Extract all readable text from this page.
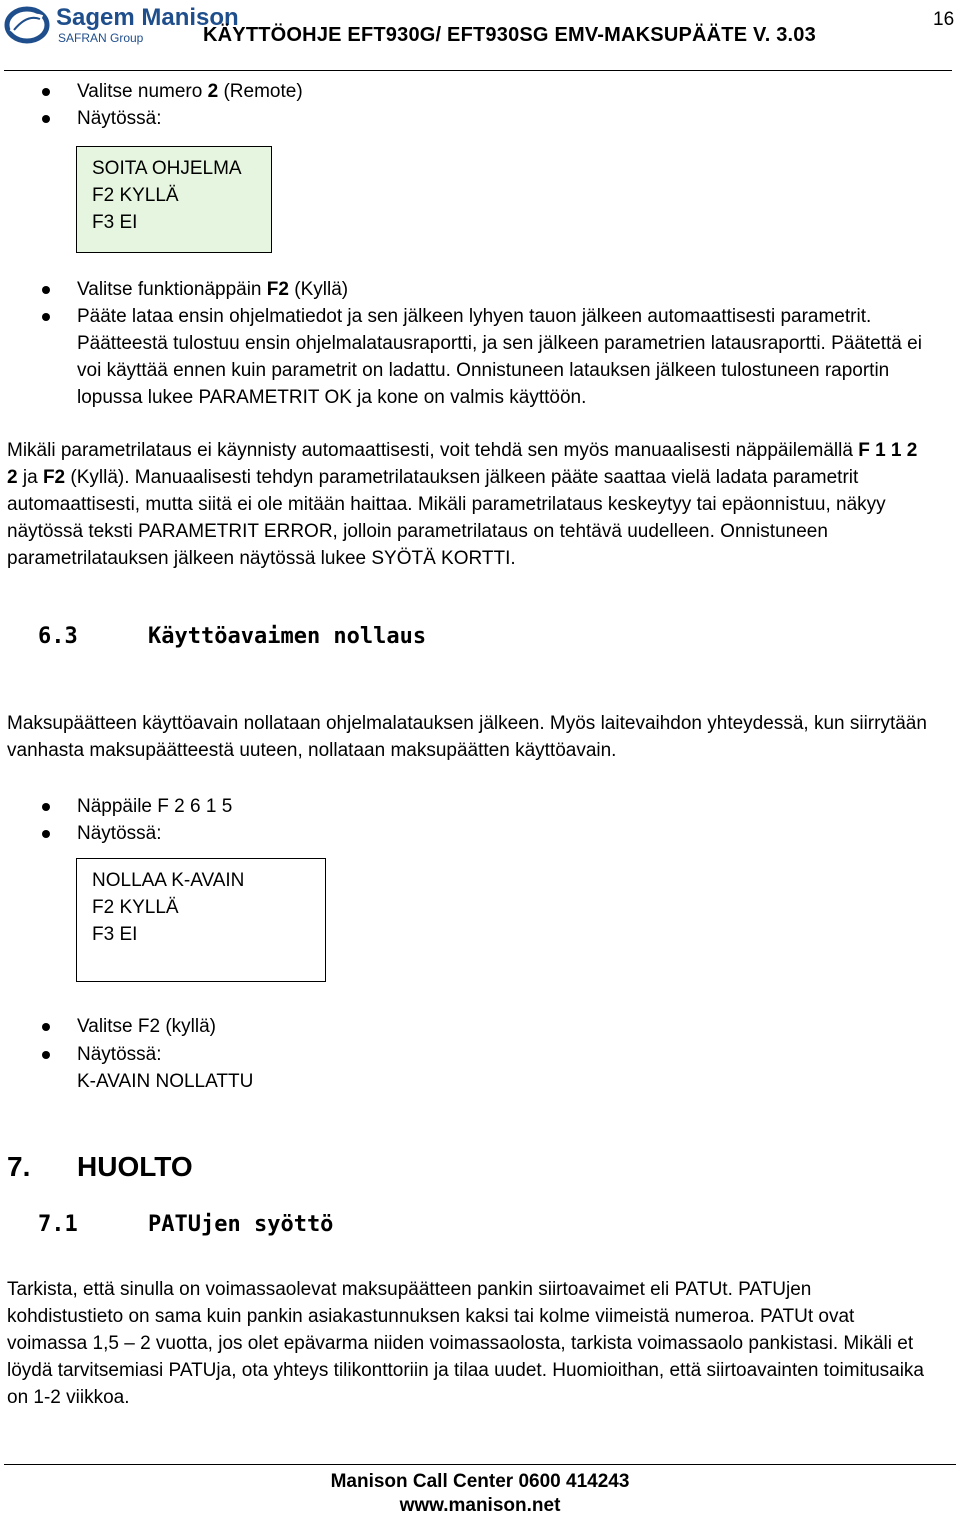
Sagem Manison
SAFRAN Group	KÄYTTÖOHJE EFT930G/ EFT930SG EMV-MAKSUPÄÄTE V. 3.03
16
Valitse numero 2 (Remote)
Näytössä:
SOITA OHJELMA
F2 KYLLÄ
F3 EI
Valitse funktionäppäin F2 (Kyllä)
Pääte lataa ensin ohjelmatiedot ja sen jälkeen lyhyen tauon jälkeen automaattisesti parametrit.
Päätteestä tulostuu ensin ohjelmalatausraportti, ja sen jälkeen parametrien latausraportti. Päätettä ei
voi käyttää ennen kuin parametrit on ladattu. Onnistuneen latauksen jälkeen tulostuneen raportin
lopussa lukee PARAMETRIT OK ja kone on valmis käyttöön.
Mikäli parametrilataus ei käynnisty automaattisesti, voit tehdä sen myös manuaalisesti näppäilemällä F 1 1 2
2 ja F2 (Kyllä). Manuaalisesti tehdyn parametrilatauksen jälkeen pääte saattaa vielä ladata parametrit
automaattisesti, mutta siitä ei ole mitään haittaa. Mikäli parametrilataus keskeytyy tai epäonnistuu, näkyy
näytössä teksti PARAMETRIT ERROR, jolloin parametrilataus on tehtävä uudelleen. Onnistuneen
parametrilatauksen jälkeen näytössä lukee SYÖTÄ KORTTI.
6.3	Käyttöavaimen nollaus
Maksupäätteen käyttöavain nollataan ohjelmalatauksen jälkeen. Myös laitevaihdon yhteydessä, kun siirrytään
vanhasta maksupäätteestä uuteen, nollataan maksupäätten käyttöavain.
Näppäile F 2 6 1 5
Näytössä:
NOLLAA K-AVAIN
F2 KYLLÄ
F3 EI
Valitse F2 (kyllä)
Näytössä:
K-AVAIN NOLLATTU
7. HUOLTO
7.1	PATUjen syöttö
Tarkista, että sinulla on voimassaolevat maksupäätteen pankin siirtoavaimet eli PATUt. PATUjen
kohdistustieto on sama kuin pankin asiakastunnuksen kaksi tai kolme viimeistä numeroa. PATUt ovat
voimassa 1,5 – 2 vuotta, jos olet epävarma niiden voimassaolosta, tarkista voimassaolo pankistasi. Mikäli et
löydä tarvitsemiasi PATUja, ota yhteys tilikonttoriin ja tilaa uudet. Huomioithan, että siirtoavainten toimitusaika
on 1-2 viikkoa.
Manison Call Center 0600 414243
www.manison.net
